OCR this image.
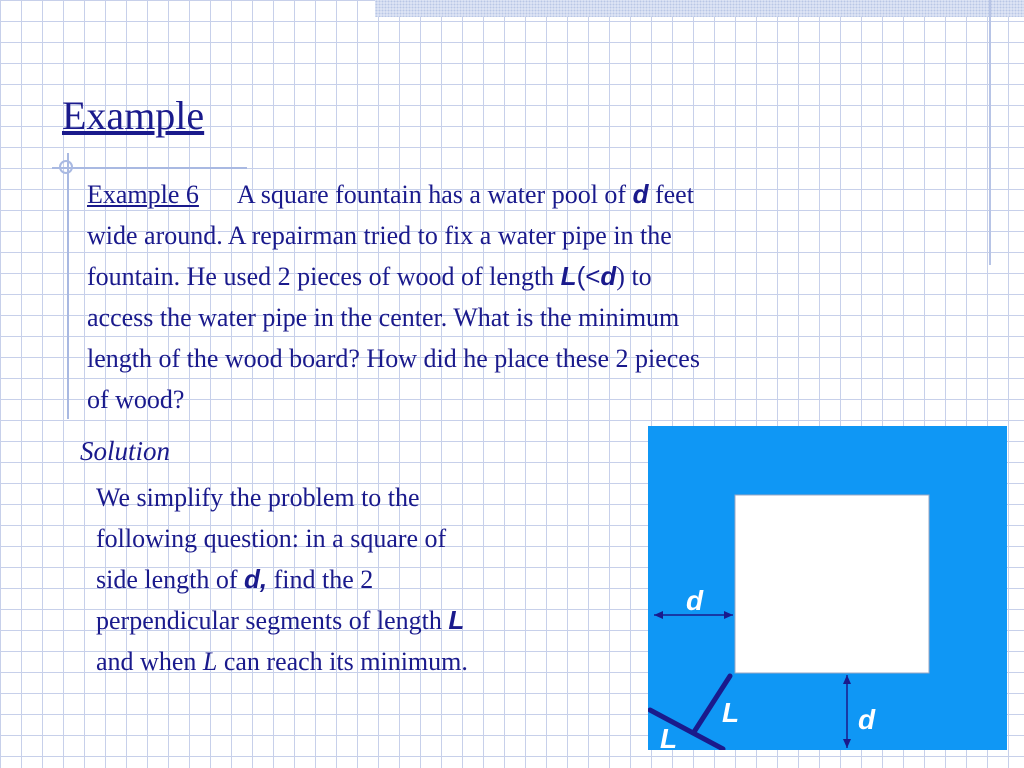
Example
Example 6 A square fountain has a water pool of d feet
wide around. A repairman tried to fix a water pipe in the
fountain. He used 2 pieces of wood of length L(<d) to
access the water pipe in the center. What is the minimum
length of the wood board? How did he place these 2 pieces
of wood?
Solution
We simplify the problem to the
following question: in a square of
side length of d, find the 2
perpendicular segments of length L
and when L can reach its minimum.
d
d
L
L
